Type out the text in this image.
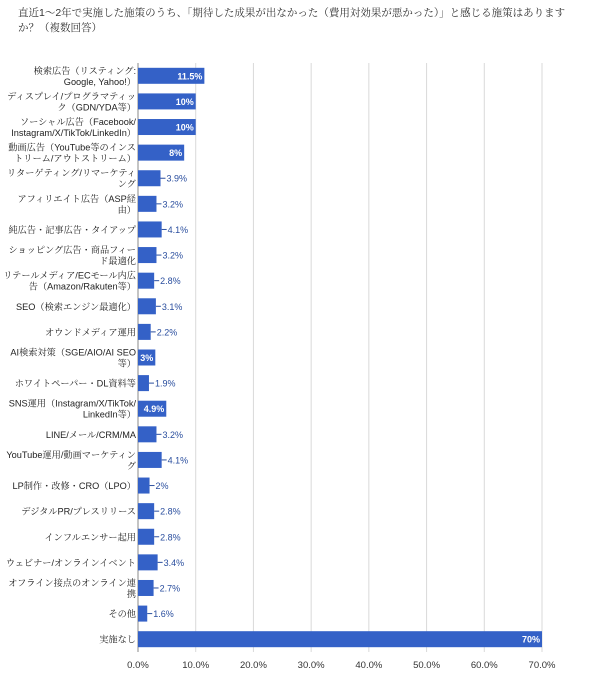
直近1〜2年で実施した施策のうち、「期待した成果が出なかった（費用対効果が悪かった）」と感じる施策はありますか？（複数回答）

0.0%	10.0%	20.0%	30.0%	40.0%	50.0%	60.0%	70.0%
11.5%
検索広告（リスティング:
Google, Yahoo!）
10%
ディスプレイ/プログラマティッ
ク（GDN/YDA等）
10%
ソーシャル広告（Facebook/
Instagram/X/TikTok/LinkedIn）
8%
動画広告（YouTube等のインス
トリーム/アウトストリーム）
3.9%
リターゲティング/リマーケティ
ング
3.2%
アフィリエイト広告（ASP経
由）
4.1%
純広告・記事広告・タイアップ
3.2%
ショッピング広告・商品フィー
ド最適化
2.8%
リテールメディア/ECモール内広
告（Amazon/Rakuten等）
3.1%
SEO（検索エンジン最適化）
2.2%
オウンドメディア運用
3%
AI検索対策（SGE/AIO/AI SEO
等）
1.9%
ホワイトペーパー・DL資料等
4.9%
SNS運用（Instagram/X/TikTok/
LinkedIn等）
3.2%
LINE/メール/CRM/MA
4.1%
YouTube運用/動画マーケティン
グ
2%
LP制作・改修・CRO（LPO）
2.8%
デジタルPR/プレスリリース
2.8%
インフルエンサー起用
3.4%
ウェビナー/オンラインイベント
2.7%
オフライン接点のオンライン連
携
1.6%
その他
70%
実施なし
